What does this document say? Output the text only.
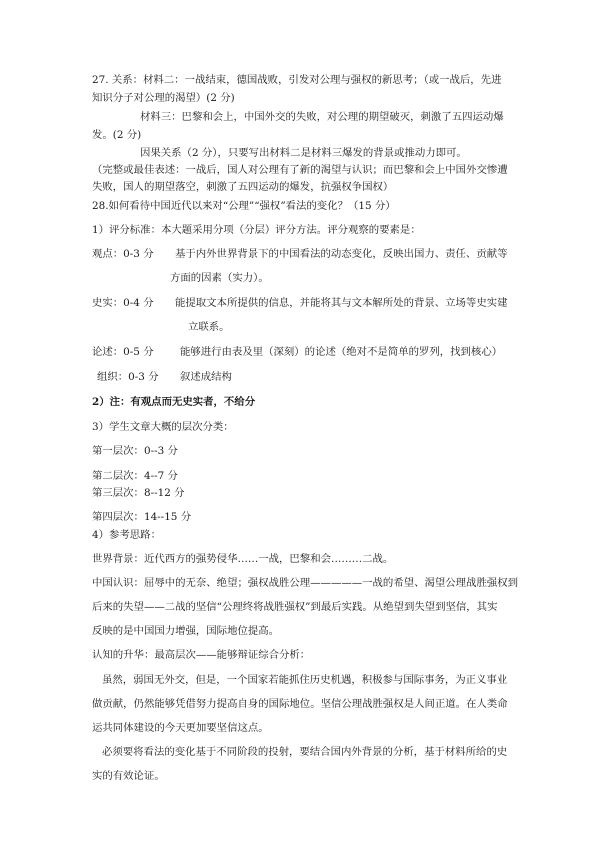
27. 关系：材料二：一战结束，德国战败，引发对公理与强权的新思考；（或一战后，先进
知识分子对公理的渴望）(2 分)
材料三：巴黎和会上，中国外交的失败，对公理的期望破灭，刺激了五四运动爆
发。(2 分)
因果关系（2 分），只要写出材料二是材料三爆发的背景或推动力即可。
（完整或最佳表述：一战后，国人对公理有了新的渴望与认识；而巴黎和会上中国外交惨遭
失败，国人的期望落空，刺激了五四运动的爆发，抗强权争国权）
28.如何看待中国近代以来对“公理”“强权”看法的变化？（15 分）
1）评分标准：本大题采用分项（分层）评分方法。评分观察的要素是：
观点：0-3 分 基于内外世界背景下的中国看法的动态变化，反映出国力、责任、贡献等
方面的因素（实力）。
史实：0-4 分 能提取文本所提供的信息，并能将其与文本解所处的背景、立场等史实建
立联系。
论述：0-5 分	能够进行由表及里（深刻）的论述（绝对不是简单的罗列，找到核心）
组织：0-3 分 叙述成结构
2）注：有观点而无史实者，不给分
3）学生文章大概的层次分类：
第一层次：0--3 分
第二层次：4--7 分
第三层次：8--12 分
第四层次：14--15 分
4）参考思路：
世界背景：近代西方的强势侵华……一战，巴黎和会………二战。
中国认识：屈辱中的无奈、绝望；强权战胜公理—————一战的希望、渴望公理战胜强权到
后来的失望——二战的坚信“公理终将战胜强权”到最后实践。从绝望到失望到坚信，其实
反映的是中国国力增强，国际地位提高。
认知的升华：最高层次——能够辩证综合分析：
虽然，弱国无外交，但是，一个国家若能抓住历史机遇，积极参与国际事务，为正义事业
做贡献，仍然能够凭借努力提高自身的国际地位。坚信公理战胜强权是人间正道。在人类命
运共同体建设的今天更加要坚信这点。
必须要将看法的变化基于不同阶段的投射，要结合国内外背景的分析，基于材料所给的史
实的有效论证。
